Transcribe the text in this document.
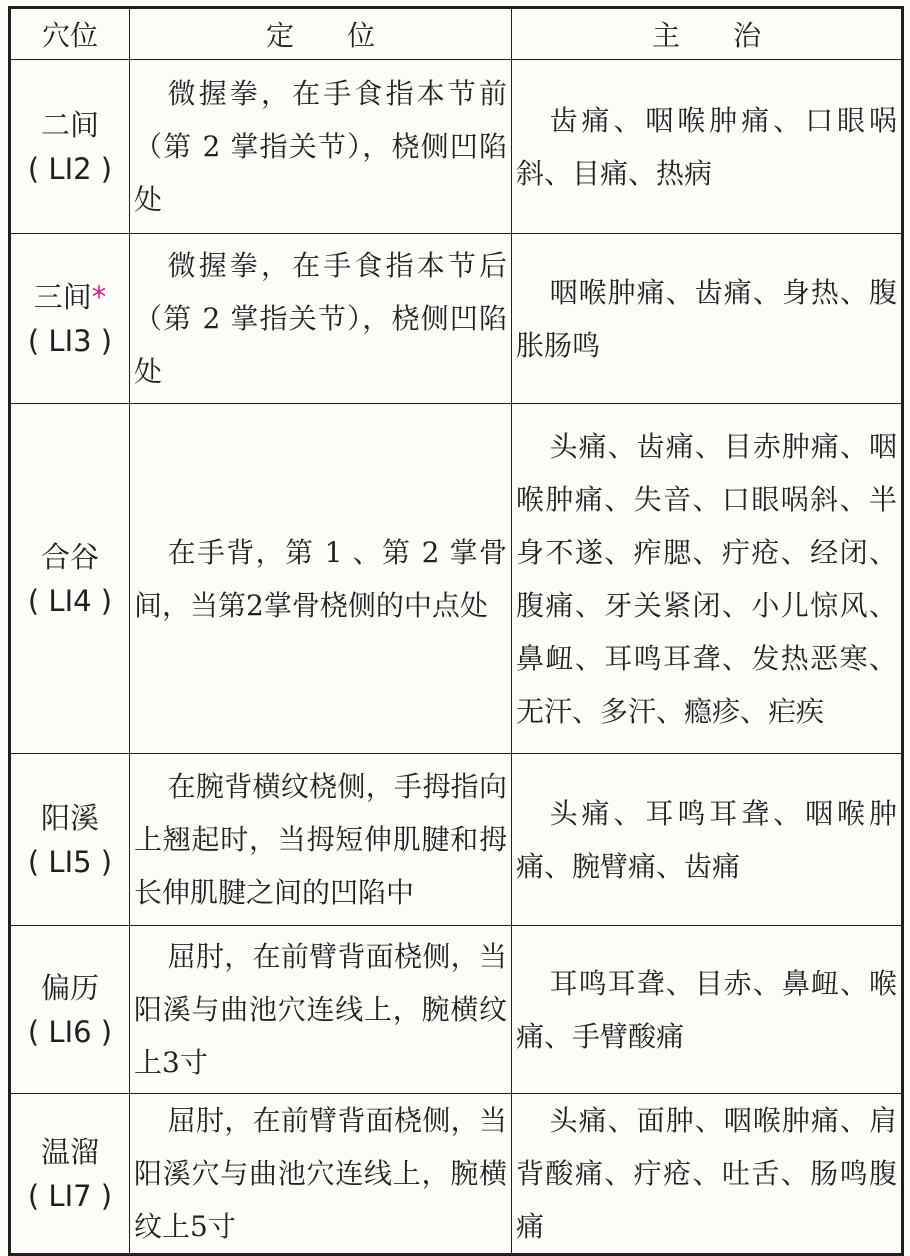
穴位	定 位	主 治

二间
( LI2 )	微握拳，在手食指本节前（第 2 掌指关节），桡侧凹陷处	齿痛、咽喉肿痛、口眼㖞斜、目痛、热病

三间*
( LI3 )	微握拳，在手食指本节后（第 2 掌指关节），桡侧凹陷处	咽喉肿痛、齿痛、身热、腹胀肠鸣

合谷
( LI4 )	在手背，第 1 、第 2 掌骨间，当第2掌骨桡侧的中点处	头痛、齿痛、目赤肿痛、咽喉肿痛、失音、口眼㖞斜、半身不遂、痄腮、疔疮、经闭、腹痛、牙关紧闭、小儿惊风、鼻衄、耳鸣耳聋、发热恶寒、无汗、多汗、瘾疹、疟疾

阳溪
( LI5 )	在腕背横纹桡侧，手拇指向上翘起时，当拇短伸肌腱和拇长伸肌腱之间的凹陷中	头痛、耳鸣耳聋、咽喉肿痛、腕臂痛、齿痛

偏历
( LI6 )	屈肘，在前臂背面桡侧，当阳溪与曲池穴连线上，腕横纹上3寸	耳鸣耳聋、目赤、鼻衄、喉痛、手臂酸痛

温溜
( LI7 )	屈肘，在前臂背面桡侧，当阳溪穴与曲池穴连线上，腕横纹上5寸	头痛、面肿、咽喉肿痛、肩背酸痛、疔疮、吐舌、肠鸣腹痛
